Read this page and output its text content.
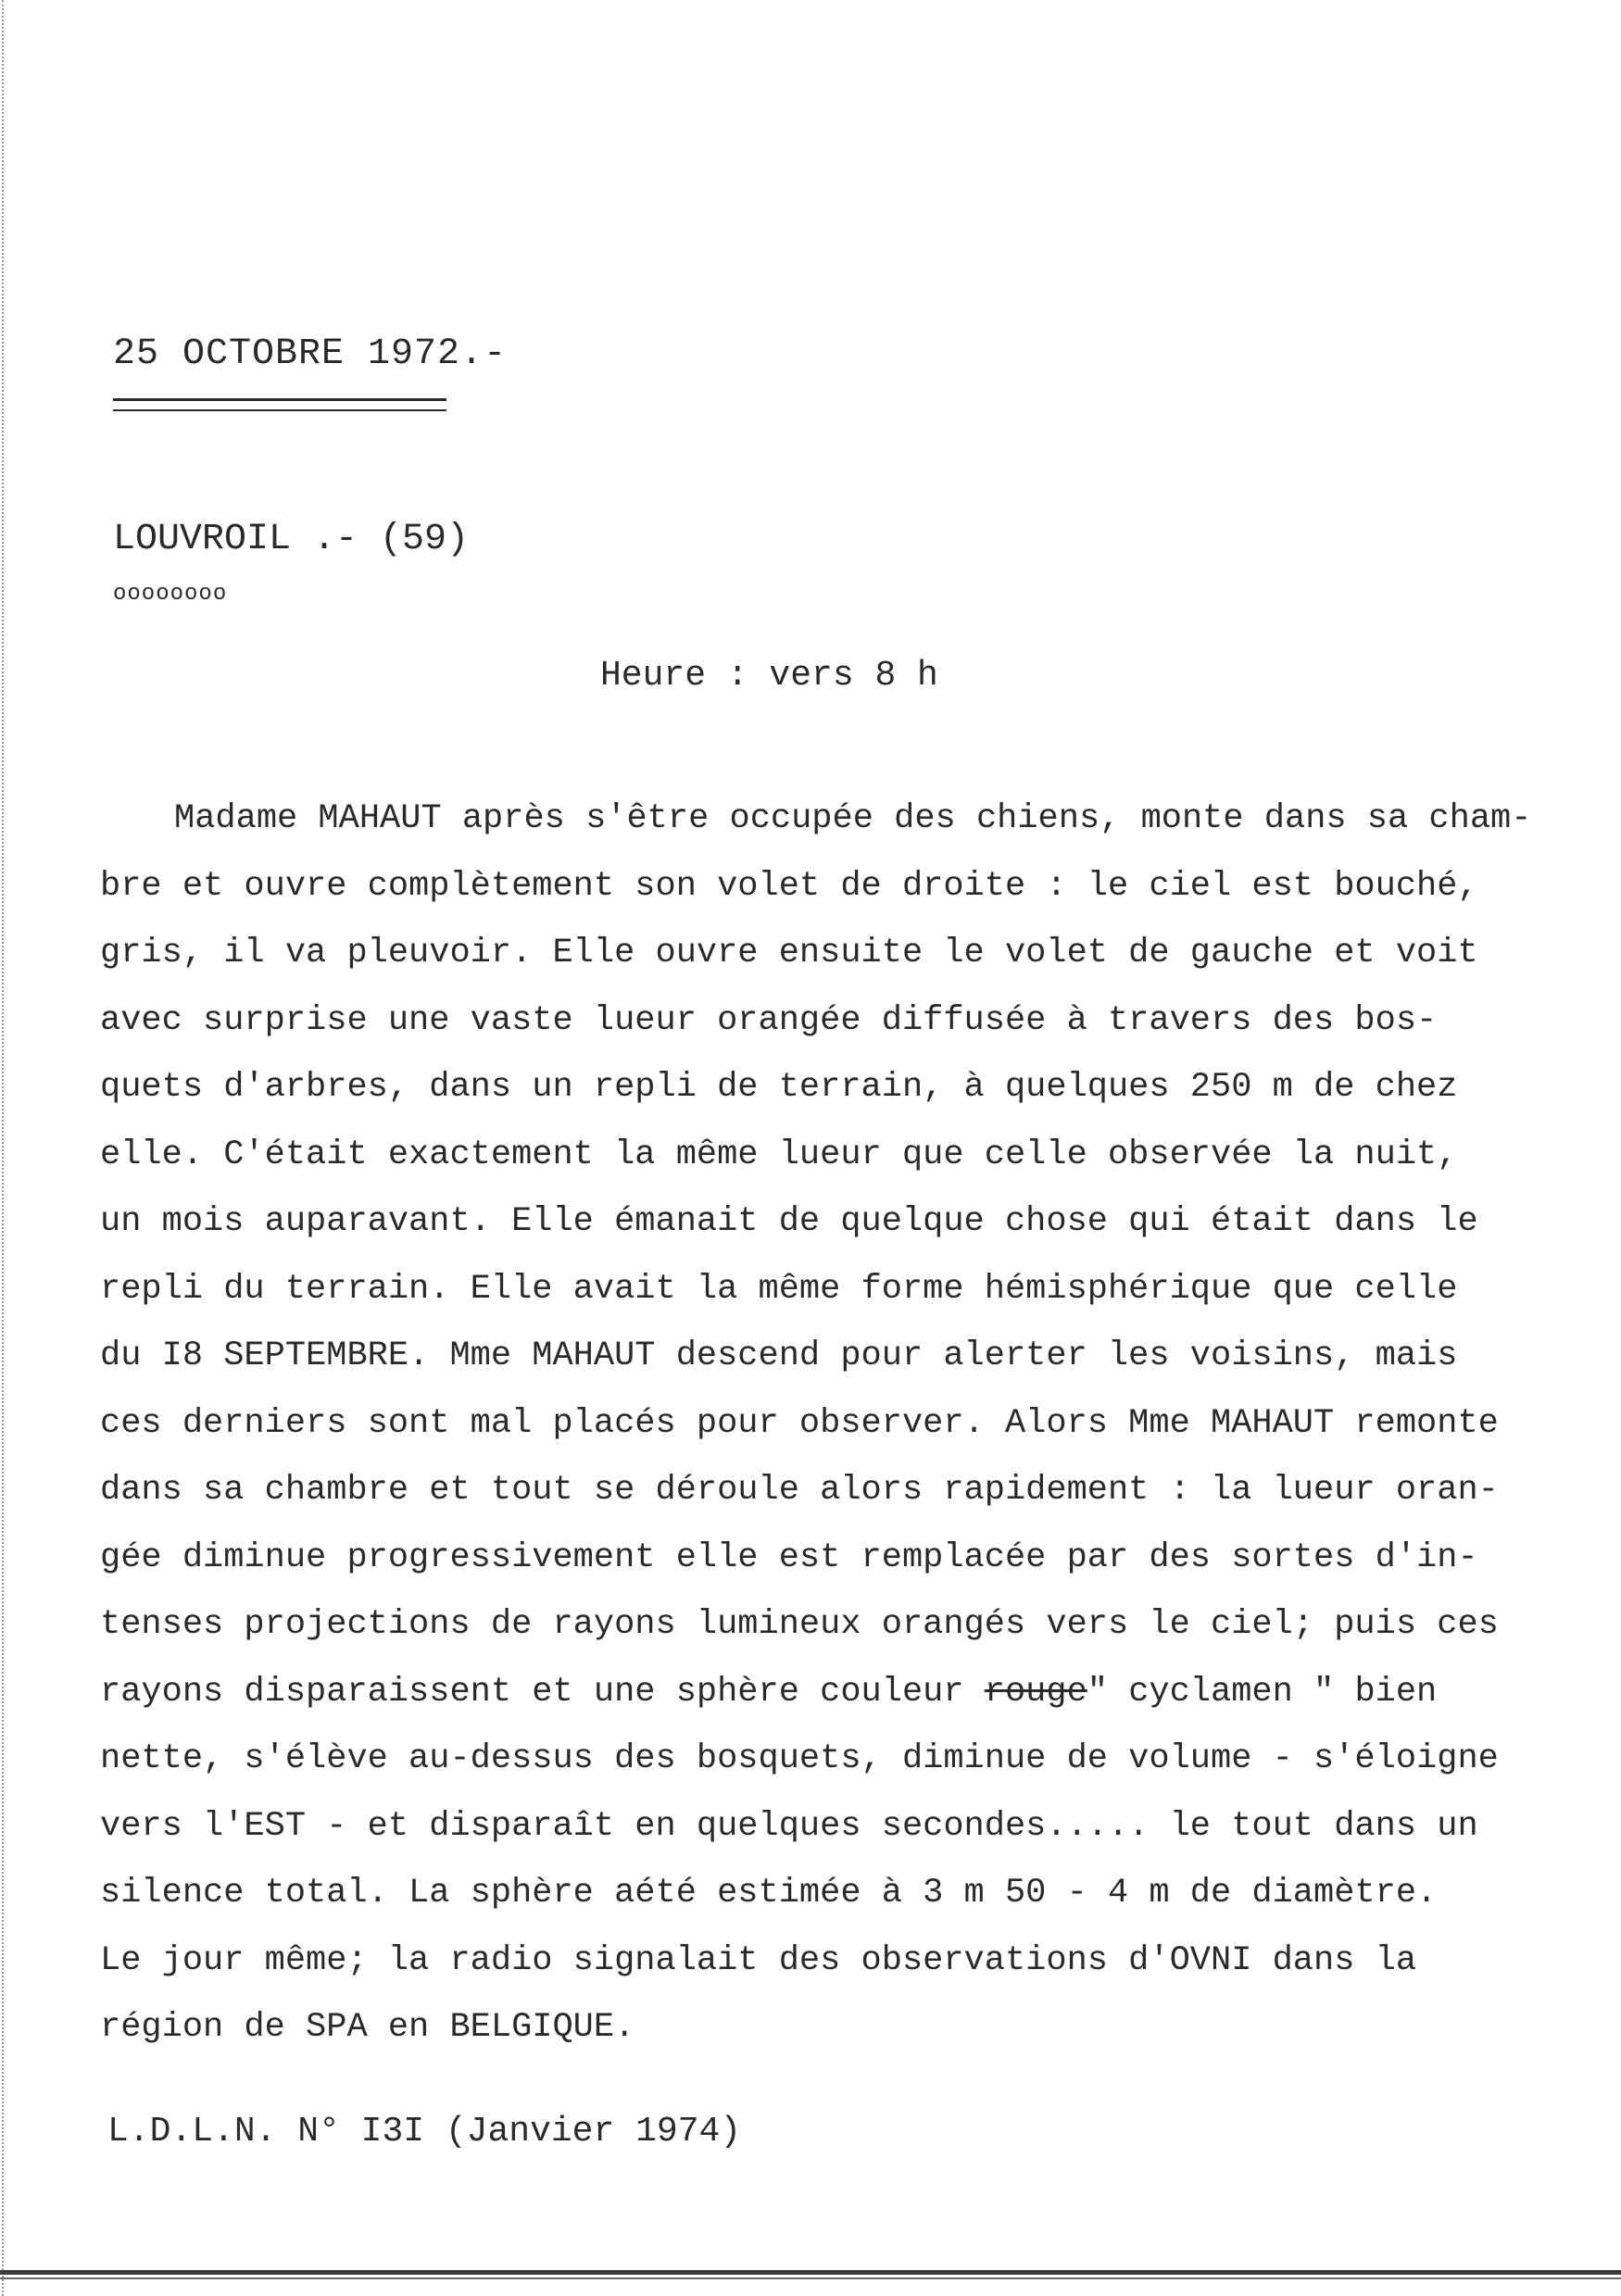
25 OCTOBRE 1972.-
LOUVROIL .- (59)
oooooooo
Heure : vers 8 h
Madame MAHAUT après s'être occupée des chiens, monte dans sa cham-
bre et ouvre complètement son volet de droite : le ciel est bouché,
gris, il va pleuvoir. Elle ouvre ensuite le volet de gauche et voit
avec surprise une vaste lueur orangée diffusée à travers des bos-
quets d'arbres, dans un repli de terrain, à quelques 250 m de chez
elle. C'était exactement la même lueur que celle observée la nuit,
un mois auparavant. Elle émanait de quelque chose qui était dans le
repli du terrain. Elle avait la même forme hémisphérique que celle
du I8 SEPTEMBRE. Mme MAHAUT descend pour alerter les voisins, mais
ces derniers sont mal placés pour observer. Alors Mme MAHAUT remonte
dans sa chambre et tout se déroule alors rapidement : la lueur oran-
gée diminue progressivement elle est remplacée par des sortes d'in-
tenses projections de rayons lumineux orangés vers le ciel; puis ces
rayons disparaissent et une sphère couleur rouge" cyclamen " bien
nette, s'élève au-dessus des bosquets, diminue de volume - s'éloigne
vers l'EST - et disparaît en quelques secondes..... le tout dans un
silence total. La sphère aété estimée à 3 m 50 - 4 m de diamètre.
Le jour même; la radio signalait des observations d'OVNI dans la
région de SPA en BELGIQUE.
L.D.L.N. N° I3I (Janvier 1974)
